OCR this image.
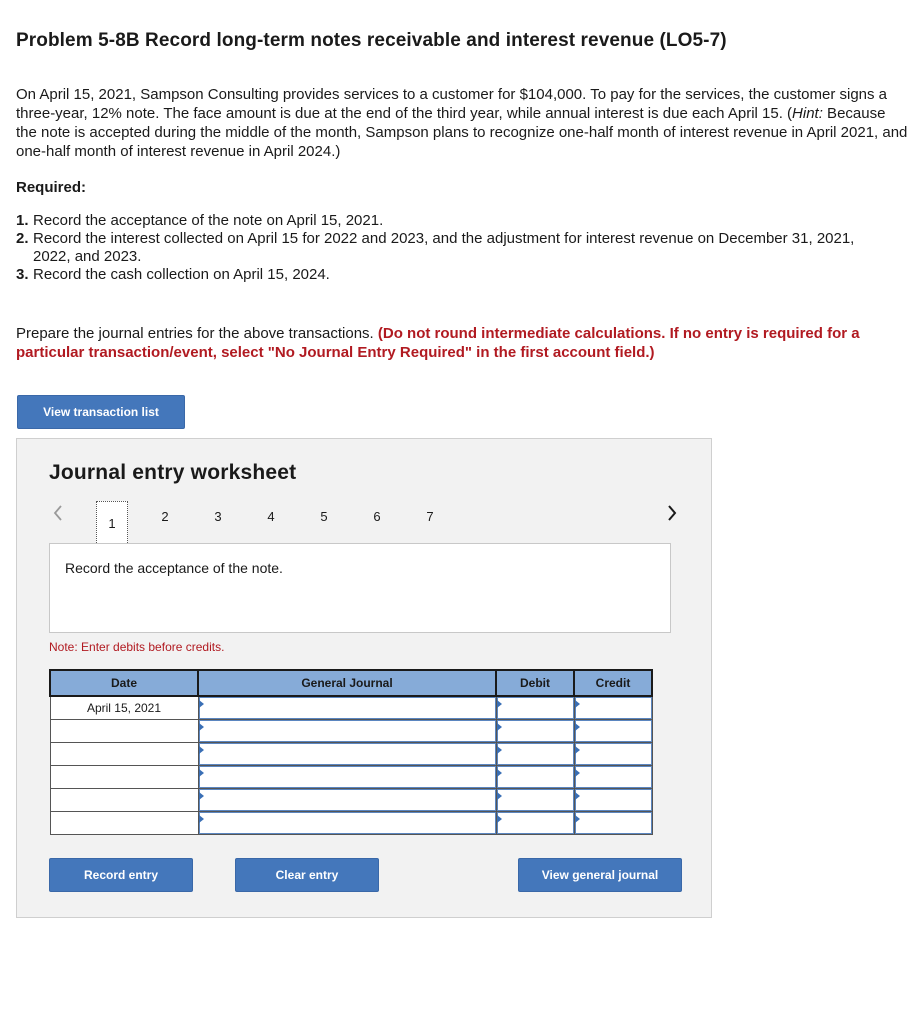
Problem 5-8B Record long-term notes receivable and interest revenue (LO5-7)
On April 15, 2021, Sampson Consulting provides services to a customer for $104,000. To pay for the services, the customer signs a three-year, 12% note. The face amount is due at the end of the third year, while annual interest is due each April 15. (Hint: Because the note is accepted during the middle of the month, Sampson plans to recognize one-half month of interest revenue in April 2021, and one-half month of interest revenue in April 2024.)
Required:
1. Record the acceptance of the note on April 15, 2021.
2. Record the interest collected on April 15 for 2022 and 2023, and the adjustment for interest revenue on December 31, 2021, 2022, and 2023.
3. Record the cash collection on April 15, 2024.
Prepare the journal entries for the above transactions. (Do not round intermediate calculations. If no entry is required for a particular transaction/event, select "No Journal Entry Required" in the first account field.)
View transaction list
Journal entry worksheet
1	2	3	4	5	6	7
Record the acceptance of the note.
Note: Enter debits before credits.
Date	General Journal	Debit	Credit
April 15, 2021	

Record entry	Clear entry	View general journal
